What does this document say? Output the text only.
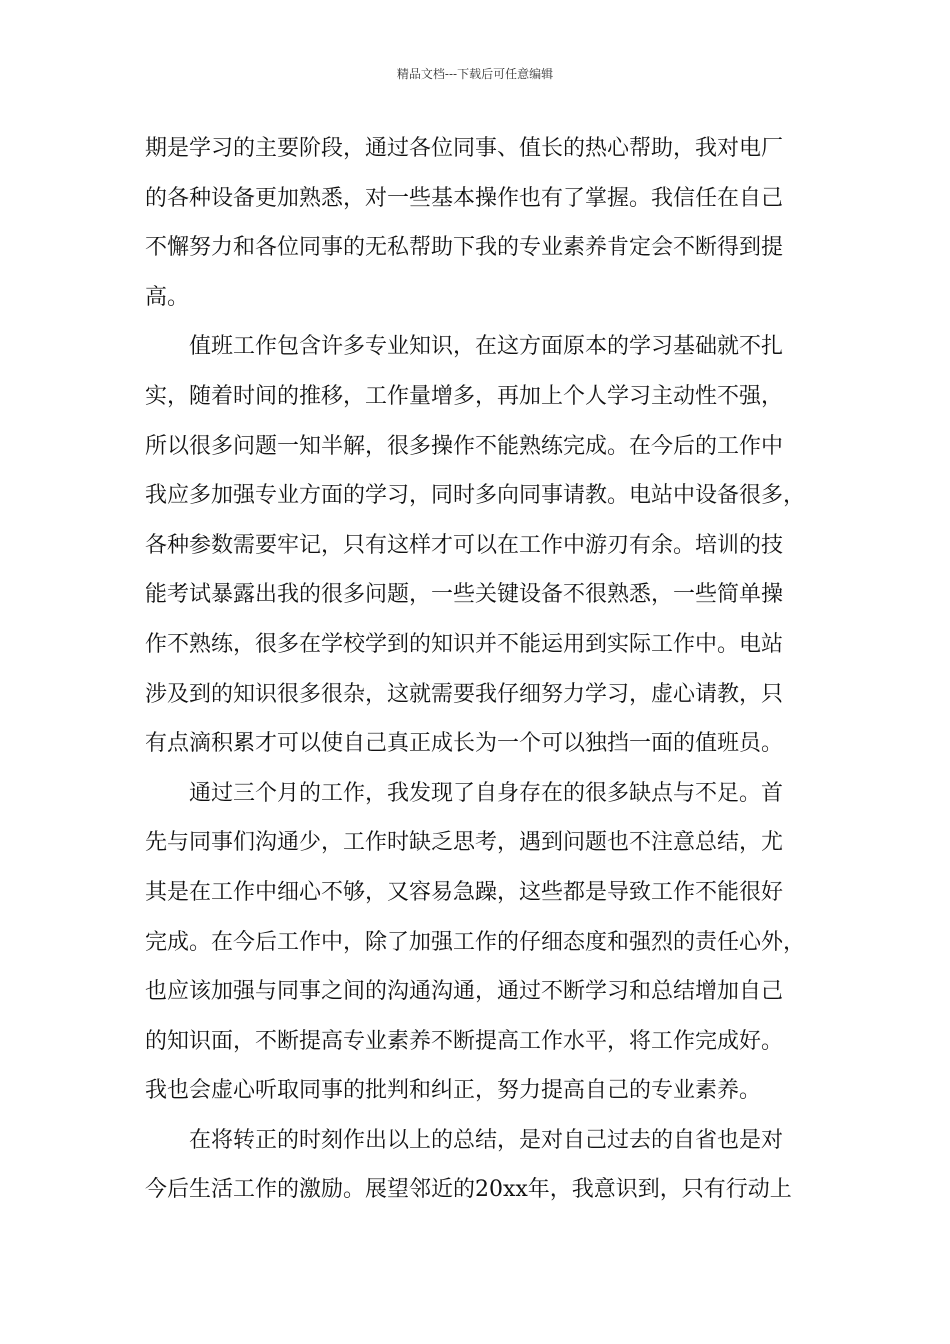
精品文档---下载后可任意编辑
期是学习的主要阶段，通过各位同事、值长的热心帮助，我对电厂
的各种设备更加熟悉，对一些基本操作也有了掌握。我信任在自己
不懈努力和各位同事的无私帮助下我的专业素养肯定会不断得到提
高。
值班工作包含许多专业知识，在这方面原本的学习基础就不扎
实，随着时间的推移，工作量增多，再加上个人学习主动性不强，
所以很多问题一知半解，很多操作不能熟练完成。在今后的工作中
我应多加强专业方面的学习，同时多向同事请教。电站中设备很多，
各种参数需要牢记，只有这样才可以在工作中游刃有余。培训的技
能考试暴露出我的很多问题，一些关键设备不很熟悉，一些简单操
作不熟练，很多在学校学到的知识并不能运用到实际工作中。电站
涉及到的知识很多很杂，这就需要我仔细努力学习，虚心请教，只
有点滴积累才可以使自己真正成长为一个可以独挡一面的值班员。
通过三个月的工作，我发现了自身存在的很多缺点与不足。首
先与同事们沟通少，工作时缺乏思考，遇到问题也不注意总结，尤
其是在工作中细心不够，又容易急躁，这些都是导致工作不能很好
完成。在今后工作中，除了加强工作的仔细态度和强烈的责任心外，
也应该加强与同事之间的沟通沟通，通过不断学习和总结增加自己
的知识面，不断提高专业素养不断提高工作水平，将工作完成好。
我也会虚心听取同事的批判和纠正，努力提高自己的专业素养。
在将转正的时刻作出以上的总结，是对自己过去的自省也是对
今后生活工作的激励。展望邻近的20xx年，我意识到，只有行动上
